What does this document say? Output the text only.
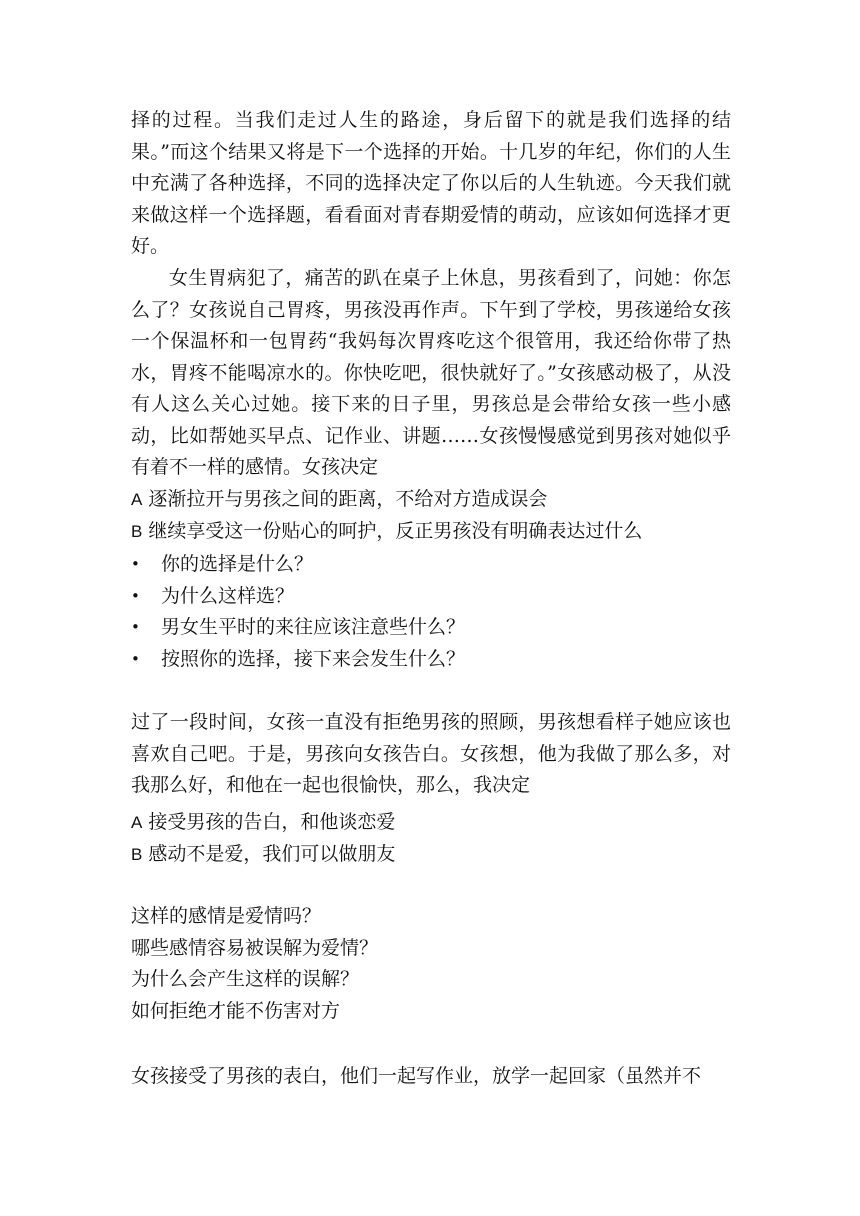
择的过程。当我们走过人生的路途，身后留下的就是我们选择的结果。”而这个结果又将是下一个选择的开始。十几岁的年纪，你们的人生中充满了各种选择，不同的选择决定了你以后的人生轨迹。今天我们就来做这样一个选择题，看看面对青春期爱情的萌动，应该如何选择才更好。

女生胃病犯了，痛苦的趴在桌子上休息，男孩看到了，问她：你怎么了？女孩说自己胃疼，男孩没再作声。下午到了学校，男孩递给女孩一个保温杯和一包胃药“我妈每次胃疼吃这个很管用，我还给你带了热水，胃疼不能喝凉水的。你快吃吧，很快就好了。”女孩感动极了，从没有人这么关心过她。接下来的日子里，男孩总是会带给女孩一些小感动，比如帮她买早点、记作业、讲题……女孩慢慢感觉到男孩对她似乎有着不一样的感情。女孩决定

A 逐渐拉开与男孩之间的距离，不给对方造成误会

B 继续享受这一份贴心的呵护，反正男孩没有明确表达过什么

• 你的选择是什么？
• 为什么这样选？
• 男女生平时的来往应该注意些什么？
• 按照你的选择，接下来会发生什么？

过了一段时间，女孩一直没有拒绝男孩的照顾，男孩想看样子她应该也喜欢自己吧。于是，男孩向女孩告白。女孩想，他为我做了那么多，对我那么好，和他在一起也很愉快，那么，我决定

A 接受男孩的告白，和他谈恋爱

B 感动不是爱，我们可以做朋友

这样的感情是爱情吗？

哪些感情容易被误解为爱情？

为什么会产生这样的误解？

如何拒绝才能不伤害对方

女孩接受了男孩的表白，他们一起写作业，放学一起回家（虽然并不
